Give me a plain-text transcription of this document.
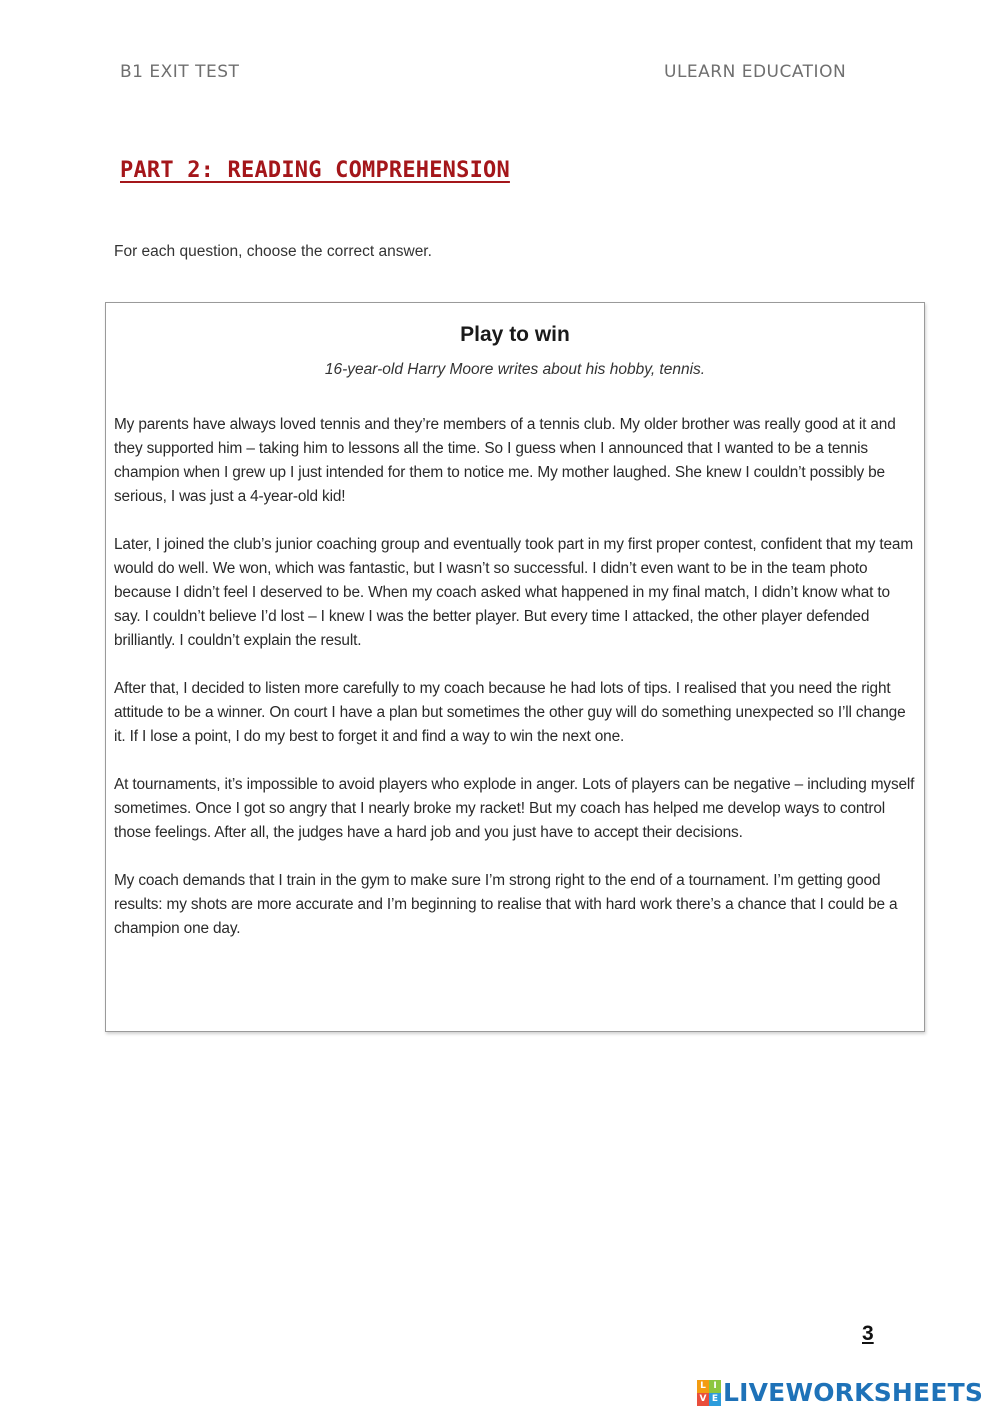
B1 EXIT TEST	ULEARN EDUCATION
PART 2: READING COMPREHENSION
For each question, choose the correct answer.
Play to win
16-year-old Harry Moore writes about his hobby, tennis.

My parents have always loved tennis and they’re members of a tennis club. My older brother was really good at it and they supported him – taking him to lessons all the time. So I guess when I announced that I wanted to be a tennis champion when I grew up I just intended for them to notice me. My mother laughed. She knew I couldn’t possibly be serious, I was just a 4-year-old kid!

Later, I joined the club’s junior coaching group and eventually took part in my first proper contest, confident that my team would do well. We won, which was fantastic, but I wasn’t so successful. I didn’t even want to be in the team photo because I didn’t feel I deserved to be. When my coach asked what happened in my final match, I didn’t know what to say. I couldn’t believe I’d lost – I knew I was the better player. But every time I attacked, the other player defended brilliantly. I couldn’t explain the result.

After that, I decided to listen more carefully to my coach because he had lots of tips. I realised that you need the right attitude to be a winner. On court I have a plan but sometimes the other guy will do something unexpected so I’ll change it. If I lose a point, I do my best to forget it and find a way to win the next one.

At tournaments, it’s impossible to avoid players who explode in anger. Lots of players can be negative – including myself sometimes. Once I got so angry that I nearly broke my racket! But my coach has helped me develop ways to control those feelings. After all, the judges have a hard job and you just have to accept their decisions.

My coach demands that I train in the gym to make sure I’m strong right to the end of a tournament. I’m getting good results: my shots are more accurate and I’m beginning to realise that with hard work there’s a chance that I could be a champion one day.

3
L I
V E LIVEWORKSHEETS
